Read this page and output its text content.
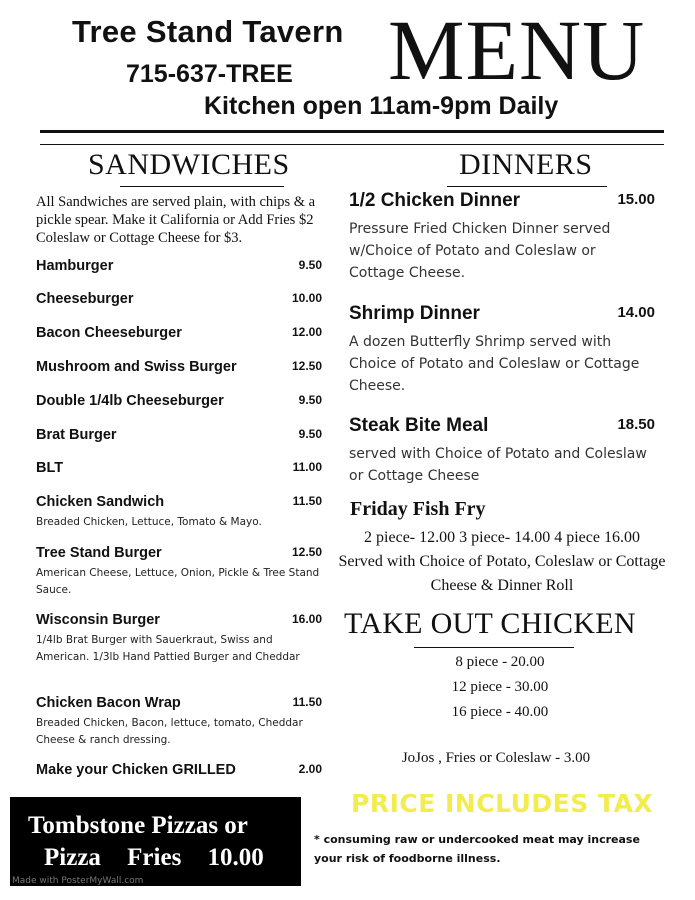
Tree Stand Tavern
715-637-TREE
Kitchen open 11am-9pm Daily
MENU
SANDWICHES
All Sandwiches are served plain, with chips & a pickle spear. Make it California or Add Fries $2 Coleslaw or Cottage Cheese for $3.
Hamburger	9.50
Cheeseburger	10.00
Bacon Cheeseburger	12.00
Mushroom and Swiss Burger	12.50
Double 1/4lb Cheeseburger	9.50
Brat Burger	9.50
BLT	11.00
Chicken Sandwich	11.50
Breaded Chicken, Lettuce, Tomato & Mayo.
Tree Stand Burger	12.50
American Cheese, Lettuce, Onion, Pickle & Tree Stand Sauce.
Wisconsin Burger	16.00
1/4lb Brat Burger with Sauerkraut, Swiss and American. 1/3lb Hand Pattied Burger and Cheddar
Chicken Bacon Wrap	11.50
Breaded Chicken, Bacon, lettuce, tomato, Cheddar Cheese & ranch dressing.
Make your Chicken GRILLED	2.00
DINNERS
1/2 Chicken Dinner	15.00
Pressure Fried Chicken Dinner served w/Choice of Potato and Coleslaw or Cottage Cheese.
Shrimp Dinner	14.00
A dozen Butterfly Shrimp served with Choice of Potato and Coleslaw or Cottage Cheese.
Steak Bite Meal	18.50
served with Choice of Potato and Coleslaw or Cottage Cheese
Friday Fish Fry
2 piece- 12.00 3 piece- 14.00 4 piece 16.00
Served with Choice of Potato, Coleslaw or Cottage Cheese & Dinner Roll
TAKE OUT CHICKEN
8 piece - 20.00
12 piece - 30.00
16 piece - 40.00
JoJos , Fries or Coleslaw - 3.00
PRICE INCLUDES TAX
* consuming raw or undercooked meat may increase your risk of foodborne illness.
Tombstone Pizzas or
Pizza Fries 10.00
Made with PosterMyWall.com
